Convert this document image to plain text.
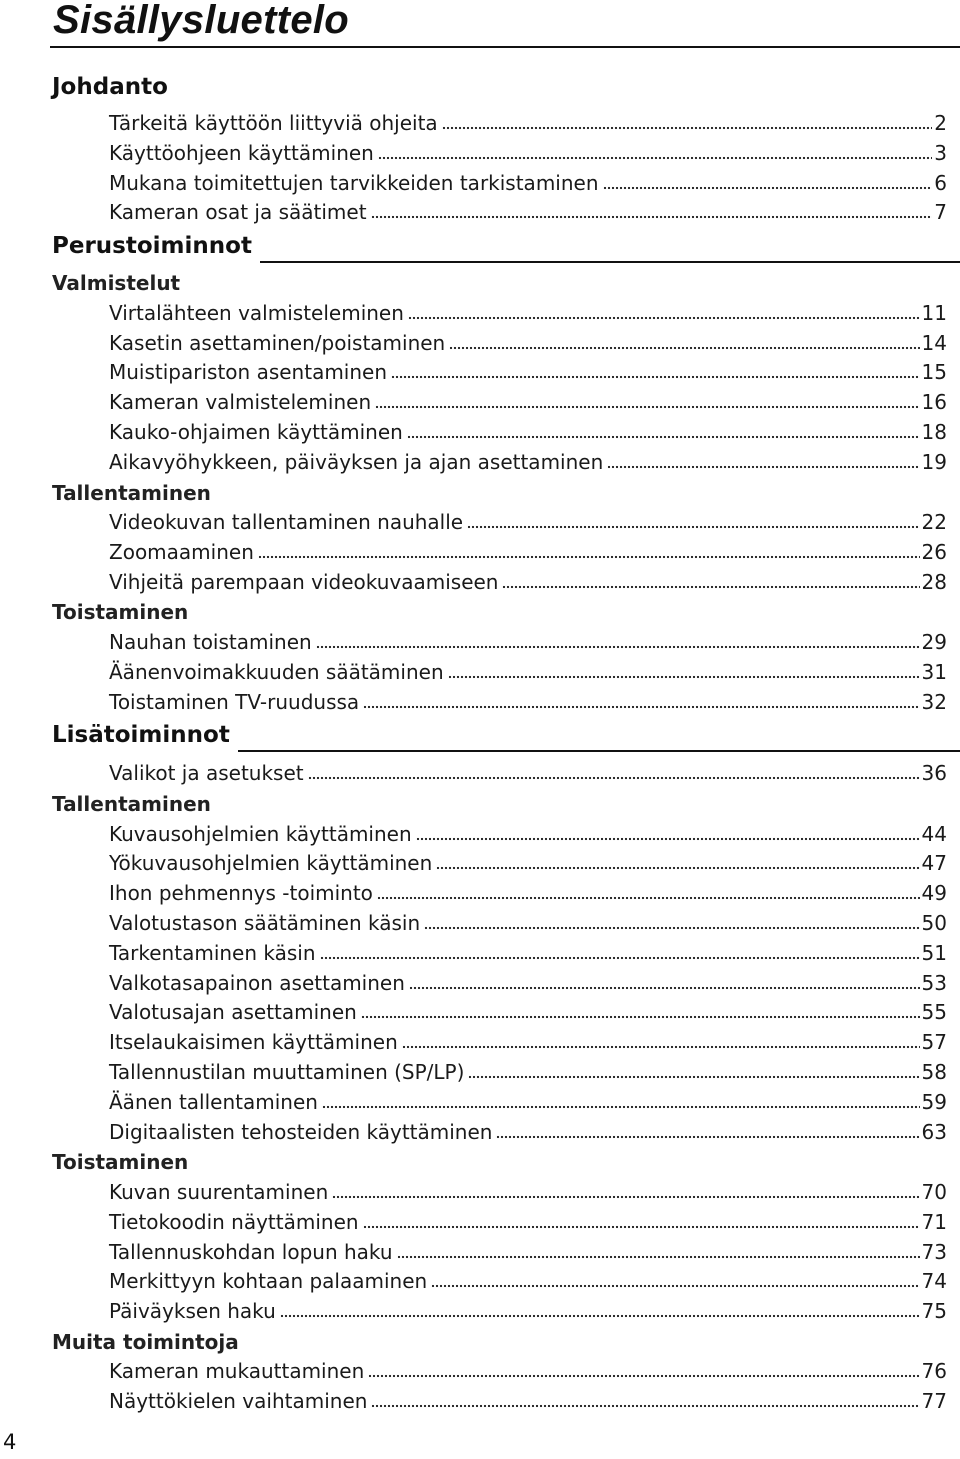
Sisällysluettelo
Johdanto
Tärkeitä käyttöön liittyviä ohjeita	2
Käyttöohjeen käyttäminen	3
Mukana toimitettujen tarvikkeiden tarkistaminen	6
Kameran osat ja säätimet	7
Perustoiminnot
Valmistelut
Virtalähteen valmisteleminen	11
Kasetin asettaminen/poistaminen	14
Muistipariston asentaminen	15
Kameran valmisteleminen	16
Kauko-ohjaimen käyttäminen	18
Aikavyöhykkeen, päiväyksen ja ajan asettaminen	19
Tallentaminen
Videokuvan tallentaminen nauhalle	22
Zoomaaminen	26
Vihjeitä parempaan videokuvaamiseen	28
Toistaminen
Nauhan toistaminen	29
Äänenvoimakkuuden säätäminen	31
Toistaminen TV-ruudussa	32
Lisätoiminnot
Valikot ja asetukset	36
Tallentaminen
Kuvausohjelmien käyttäminen	44
Yökuvausohjelmien käyttäminen	47
Ihon pehmennys -toiminto	49
Valotustason säätäminen käsin	50
Tarkentaminen käsin	51
Valkotasapainon asettaminen	53
Valotusajan asettaminen	55
Itselaukaisimen käyttäminen	57
Tallennustilan muuttaminen (SP/LP)	58
Äänen tallentaminen	59
Digitaalisten tehosteiden käyttäminen	63
Toistaminen
Kuvan suurentaminen	70
Tietokoodin näyttäminen	71
Tallennuskohdan lopun haku	73
Merkittyyn kohtaan palaaminen	74
Päiväyksen haku	75
Muita toimintoja
Kameran mukauttaminen	76
Näyttökielen vaihtaminen	77
4
